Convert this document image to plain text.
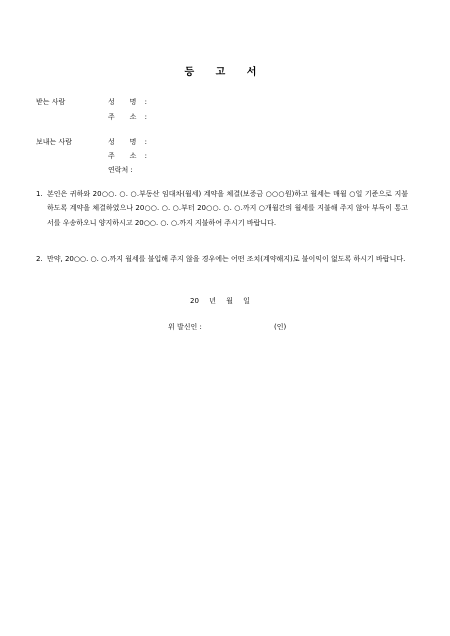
등 고 서
받는 사람	성 명 :
주 소 :
보내는 사람	성 명 :
주 소 :
연락처 :
1. 본인은 귀하와 20○○. ○. ○.부동산 임대차(월세) 계약을 체결(보증금 ○○○원)하고 월세는 매월 ○일 기준으로 지불하도록 계약을 체결하였으나 20○○. ○. ○.부터 20○○. ○. ○.까지 ○개월간의 월세를 지불해 주지 않아 부득이 통고서를 우송하오니 양지하시고 20○○. ○. ○.까지 지불하여 주시기 바랍니다.
2. 만약, 20○○. ○. ○.까지 월세를 불입해 주지 않을 경우에는 어떤 조치(계약해지)로 불이익이 없도록 하시기 바랍니다.
20 년 월 일
위 발신인 :	(인)
